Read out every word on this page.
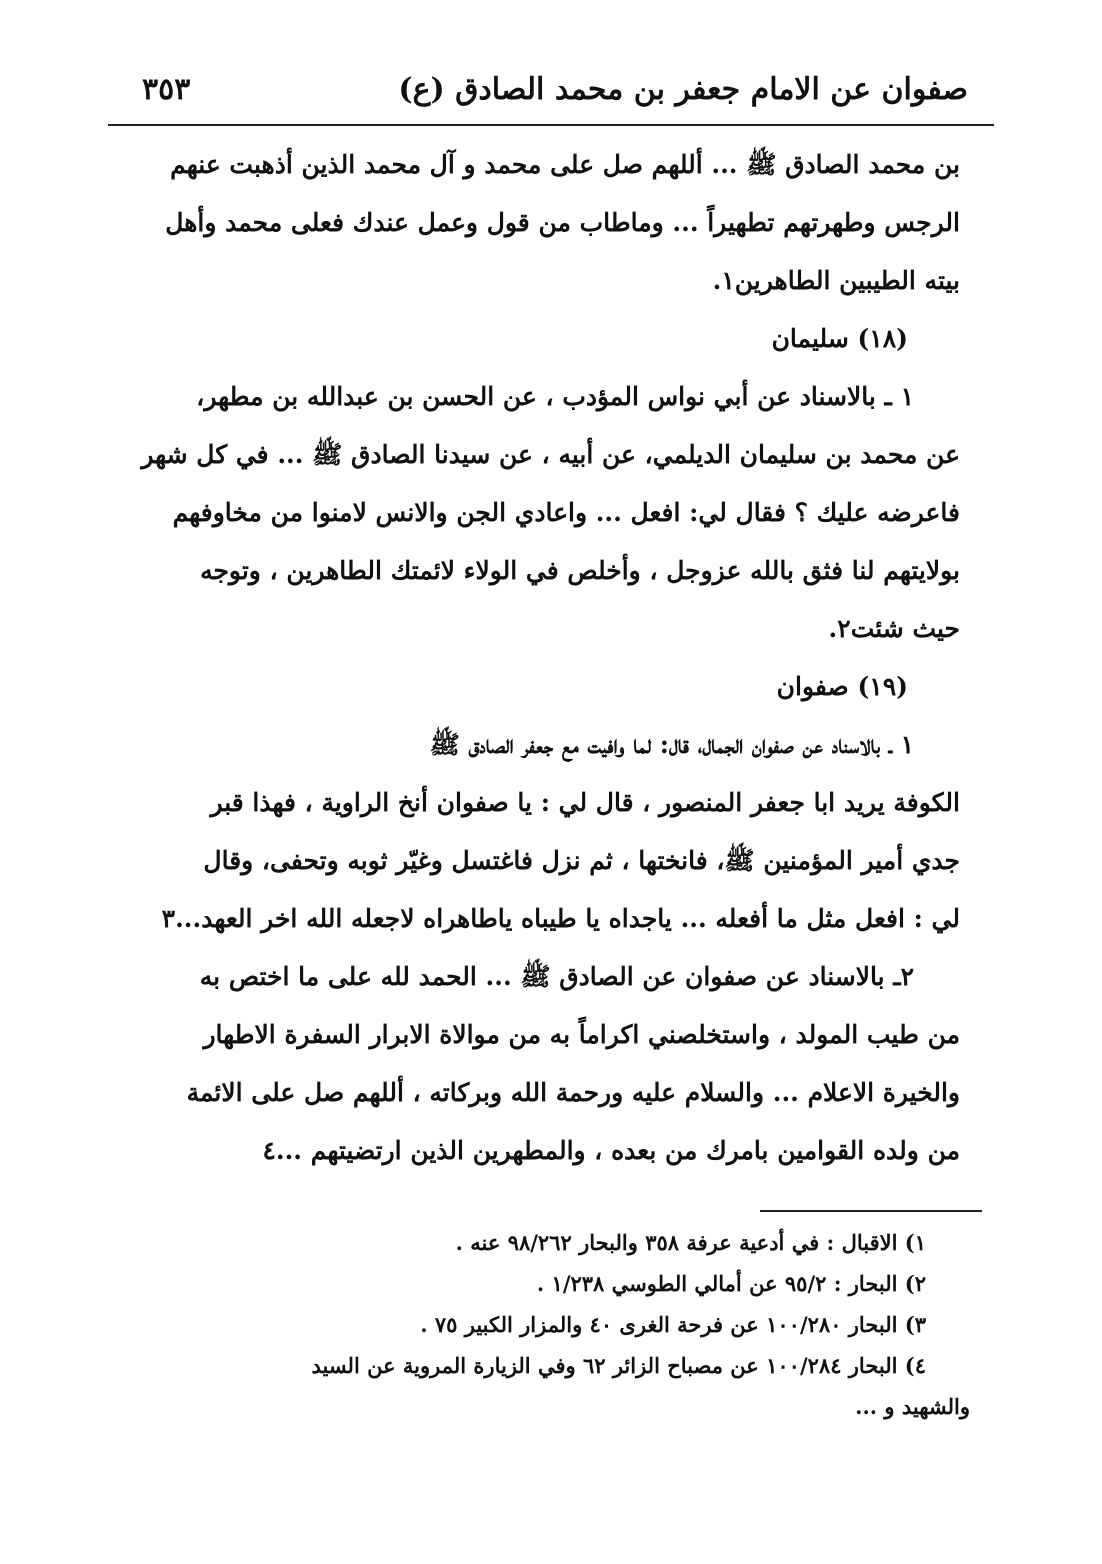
صفوان عن الامام جعفر بن محمد الصادق (ع)
٣٥٣
بن محمد الصادق ﷺ ... أللهم صل على محمد و آل محمد الذين أذهبت عنهم
الرجس وطهرتهم تطهيراً ... وماطاب من قول وعمل عندك فعلى محمد وأهل
بيته الطيبين الطاهرين١.
(١٨) سليمان
١ ـ بالاسناد عن أبي نواس المؤدب ، عن الحسن بن عبدالله بن مطهر،
عن محمد بن سليمان الديلمي، عن أبيه ، عن سيدنا الصادق ﷺ ... في كل شهر
فاعرضه عليك ؟ فقال لي: افعل ... واعادي الجن والانس لامنوا من مخاوفهم
بولايتهم لنا فثق بالله عزوجل ، وأخلص في الولاء لائمتك الطاهرين ، وتوجه
حيث شئت٢.
(١٩) صفوان
١ ـ بالاسناد عن صفوان الجمال، قال: لما وافيت مع جعفر الصادق ﷺ
الكوفة يريد ابا جعفر المنصور ، قال لي : يا صفوان أنخ الراوية ، فهذا قبر
جدي أمير المؤمنين ﷺ، فانختها ، ثم نزل فاغتسل وغيّر ثوبه وتحفى، وقال
لي : افعل مثل ما أفعله ... ياجداه يا طيباه ياطاهراه لاجعله الله اخر العهد...٣
٢ـ بالاسناد عن صفوان عن الصادق ﷺ ... الحمد لله على ما اختص به
من طيب المولد ، واستخلصني اكراماً به من موالاة الابرار السفرة الاطهار
والخيرة الاعلام ... والسلام عليه ورحمة الله وبركاته ، أللهم صل على الائمة
من ولده القوامين بامرك من بعده ، والمطهرين الذين ارتضيتهم ...٤
١) الاقبال : في أدعية عرفة ٣٥٨ والبحار ٩٨/٢٦٢ عنه .
٢) البحار : ٩٥/٢ عن أمالي الطوسي ١/٢٣٨ .
٣) البحار ١٠٠/٢٨٠ عن فرحة الغرى ٤٠ والمزار الكبير ٧٥ .
٤) البحار ١٠٠/٢٨٤ عن مصباح الزائر ٦٢ وفي الزيارة المروية عن السيد
والشهيد و ...
